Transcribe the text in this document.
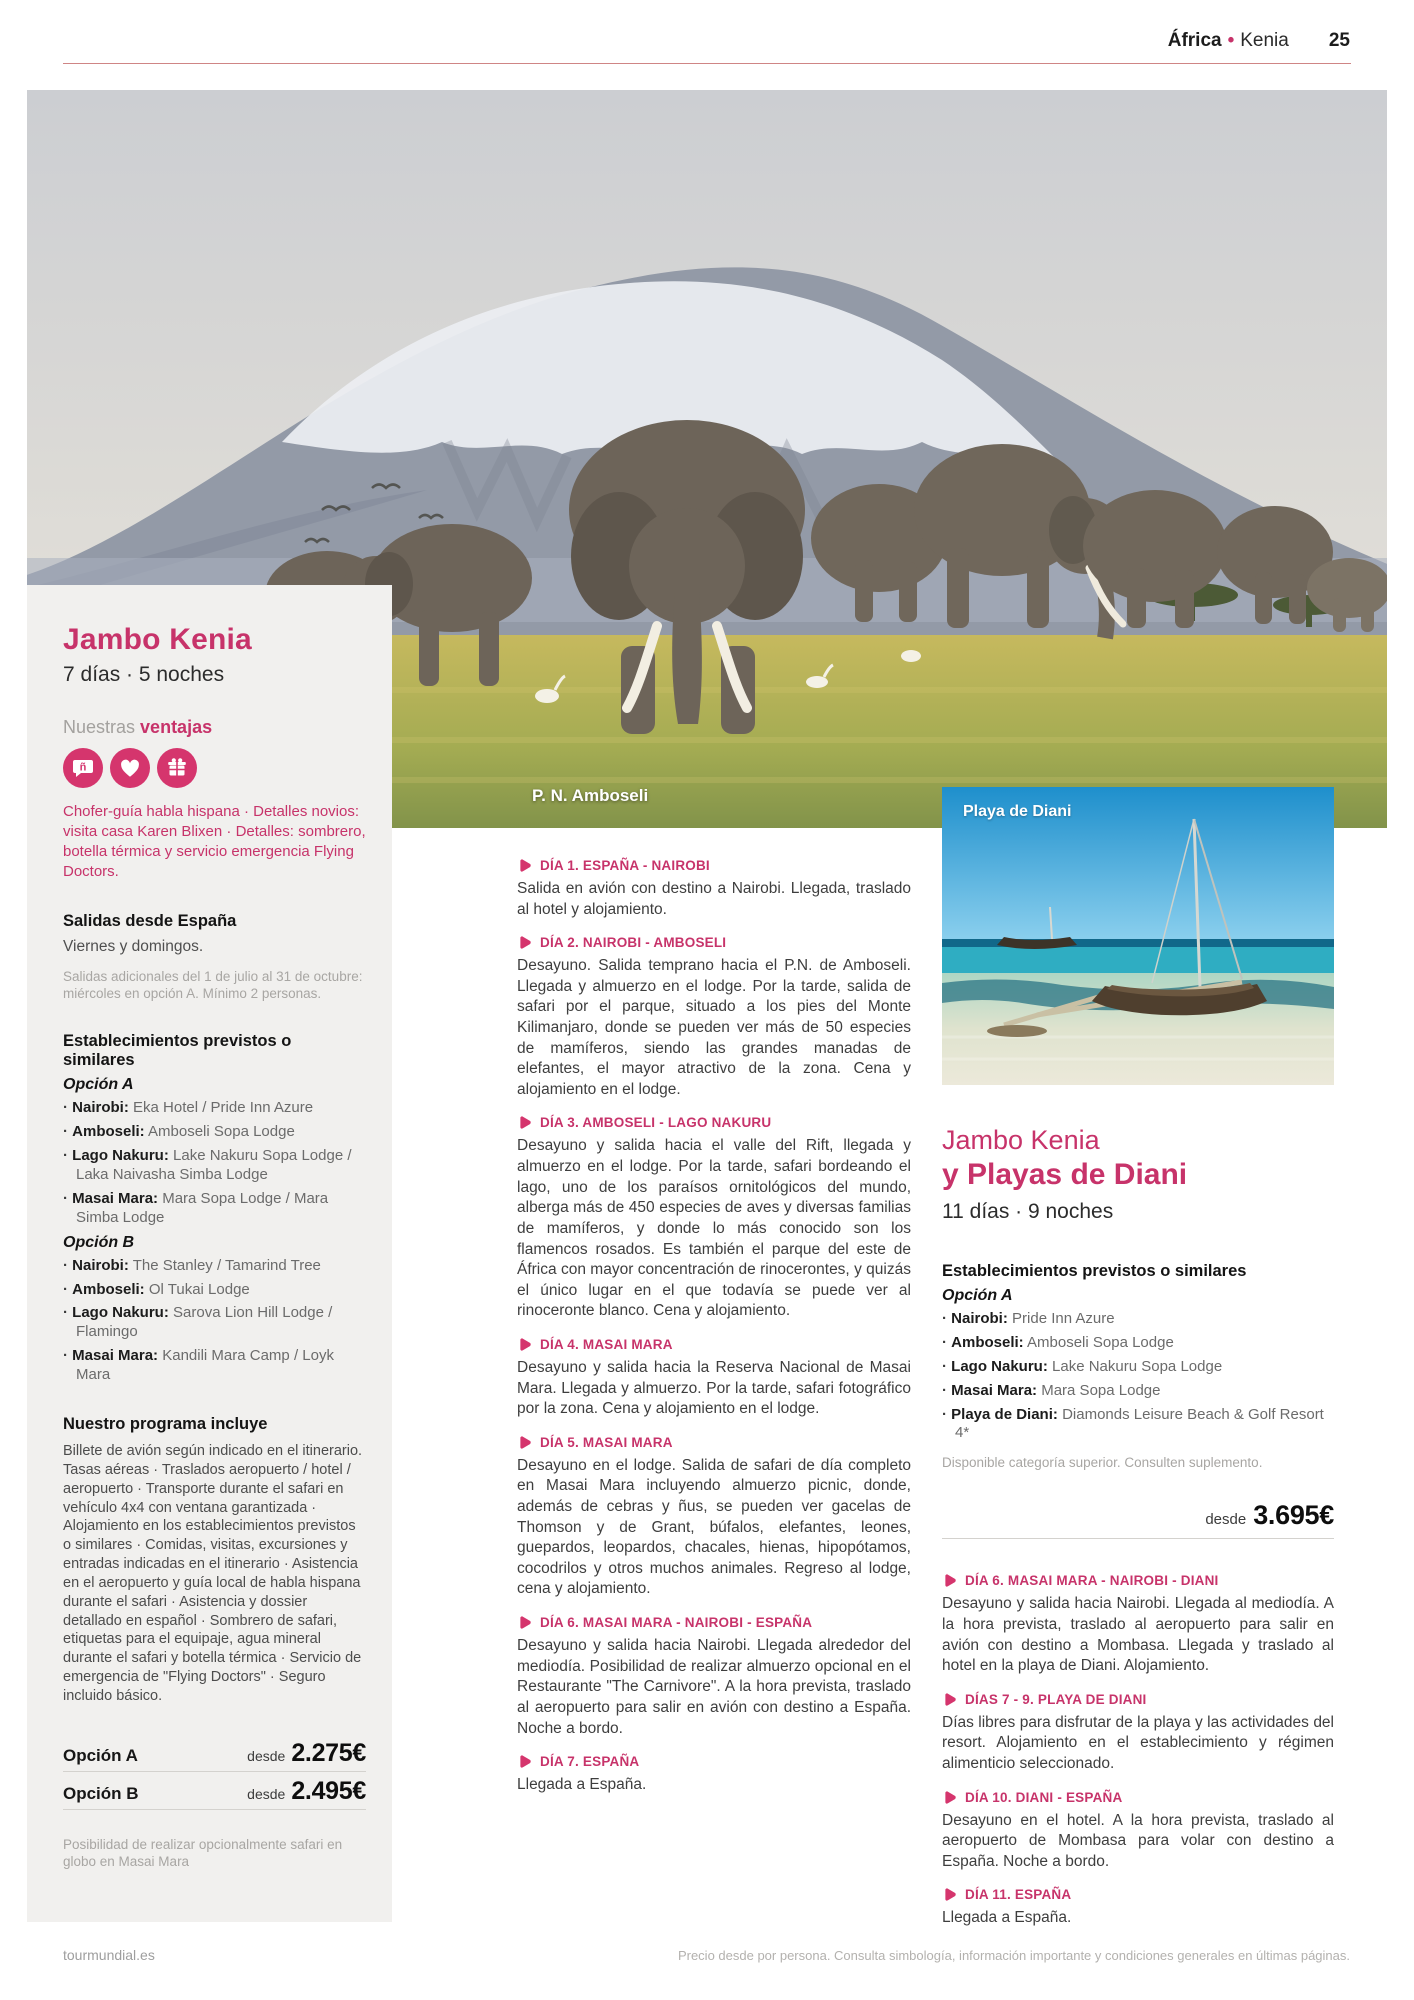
África • Kenia 25
P. N. Amboseli
Jambo Kenia
7 días · 5 noches
Nuestras ventajas
ñ

Chofer-guía habla hispana · Detalles novios: visita casa Karen Blixen · Detalles: sombrero, botella térmica y servicio emergencia Flying Doctors.

Salidas desde España
Viernes y domingos.
Salidas adicionales del 1 de julio al 31 de octubre: miércoles en opción A. Mínimo 2 personas.
Establecimientos previstos o similares
Opción A
· Nairobi: Eka Hotel / Pride Inn Azure
· Amboseli: Amboseli Sopa Lodge
· Lago Nakuru: Lake Nakuru Sopa Lodge / Laka Naivasha Simba Lodge
· Masai Mara: Mara Sopa Lodge / Mara Simba Lodge
Opción B
· Nairobi: The Stanley / Tamarind Tree
· Amboseli: Ol Tukai Lodge
· Lago Nakuru: Sarova Lion Hill Lodge / Flamingo
· Masai Mara: Kandili Mara Camp / Loyk Mara
Nuestro programa incluye

Billete de avión según indicado en el itinerario. Tasas aéreas · Traslados aeropuerto / hotel / aeropuerto · Transporte durante el safari en vehículo 4x4 con ventana garantizada · Alojamiento en los establecimientos previstos o similares · Comidas, visitas, excursiones y entradas indicadas en el itinerario · Asistencia en el aeropuerto y guía local de habla hispana durante el safari · Asistencia y dossier detallado en español · Sombrero de safari, etiquetas para el equipaje, agua mineral durante el safari y botella térmica · Servicio de emergencia de "Flying Doctors" · Seguro incluido básico.

Opción A	desde 2.275€
Opción B	desde 2.495€

Posibilidad de realizar opcionalmente safari en globo en Masai Mara

DÍA 1. ESPAÑA - NAIROBI

Salida en avión con destino a Nairobi. Llegada, traslado al hotel y alojamiento.

DÍA 2. NAIROBI - AMBOSELI

Desayuno. Salida temprano hacia el P.N. de Amboseli. Llegada y almuerzo en el lodge. Por la tarde, salida de safari por el parque, situado a los pies del Monte Kilimanjaro, donde se pueden ver más de 50 especies de mamíferos, siendo las grandes manadas de elefantes, el mayor atractivo de la zona. Cena y alojamiento en el lodge.

DÍA 3. AMBOSELI - LAGO NAKURU

Desayuno y salida hacia el valle del Rift, llegada y almuerzo en el lodge. Por la tarde, safari bordeando el lago, uno de los paraísos ornitológicos del mundo, alberga más de 450 especies de aves y diversas familias de mamíferos, y donde lo más conocido son los flamencos rosados. Es también el parque del este de África con mayor concentración de rinocerontes, y quizás el único lugar en el que todavía se puede ver al rinoceronte blanco. Cena y alojamiento.

DÍA 4. MASAI MARA

Desayuno y salida hacia la Reserva Nacional de Masai Mara. Llegada y almuerzo. Por la tarde, safari fotográfico por la zona. Cena y alojamiento en el lodge.

DÍA 5. MASAI MARA

Desayuno en el lodge. Salida de safari de día completo en Masai Mara incluyendo almuerzo picnic, donde, además de cebras y ñus, se pueden ver gacelas de Thomson y de Grant, búfalos, elefantes, leones, guepardos, leopardos, chacales, hienas, hipopótamos, cocodrilos y otros muchos animales. Regreso al lodge, cena y alojamiento.

DÍA 6. MASAI MARA - NAIROBI - ESPAÑA

Desayuno y salida hacia Nairobi. Llegada alrededor del mediodía. Posibilidad de realizar almuerzo opcional en el Restaurante "The Carnivore". A la hora prevista, traslado al aeropuerto para salir en avión con destino a España. Noche a bordo.

DÍA 7. ESPAÑA

Llegada a España.

Playa de Diani
Jambo Kenia
y Playas de Diani
11 días · 9 noches
Establecimientos previstos o similares
Opción A
· Nairobi: Pride Inn Azure
· Amboseli: Amboseli Sopa Lodge
· Lago Nakuru: Lake Nakuru Sopa Lodge
· Masai Mara: Mara Sopa Lodge
· Playa de Diani: Diamonds Leisure Beach & Golf Resort 4*
Disponible categoría superior. Consulten suplemento.
desde 3.695€
DÍA 6. MASAI MARA - NAIROBI - DIANI

Desayuno y salida hacia Nairobi. Llegada al mediodía. A la hora prevista, traslado al aeropuerto para salir en avión con destino a Mombasa. Llegada y traslado al hotel en la playa de Diani. Alojamiento.

DÍAS 7 - 9. PLAYA DE DIANI

Días libres para disfrutar de la playa y las actividades del resort. Alojamiento en el establecimiento y régimen alimenticio seleccionado.

DÍA 10. DIANI - ESPAÑA

Desayuno en el hotel. A la hora prevista, traslado al aeropuerto de Mombasa para volar con destino a España. Noche a bordo.

DÍA 11. ESPAÑA

Llegada a España.

tourmundial.es	Precio desde por persona. Consulta simbología, información importante y condiciones generales en últimas páginas.
